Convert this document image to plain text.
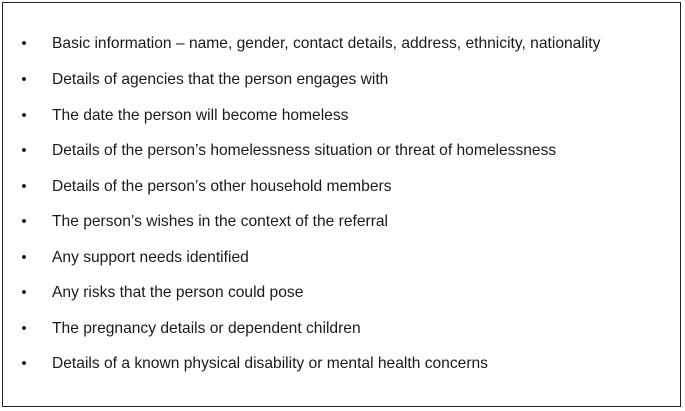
• Basic information – name, gender, contact details, address, ethnicity, nationality
• Details of agencies that the person engages with
• The date the person will become homeless
• Details of the person’s homelessness situation or threat of homelessness
• Details of the person’s other household members
• The person’s wishes in the context of the referral
• Any support needs identified
• Any risks that the person could pose
• The pregnancy details or dependent children
• Details of a known physical disability or mental health concerns
